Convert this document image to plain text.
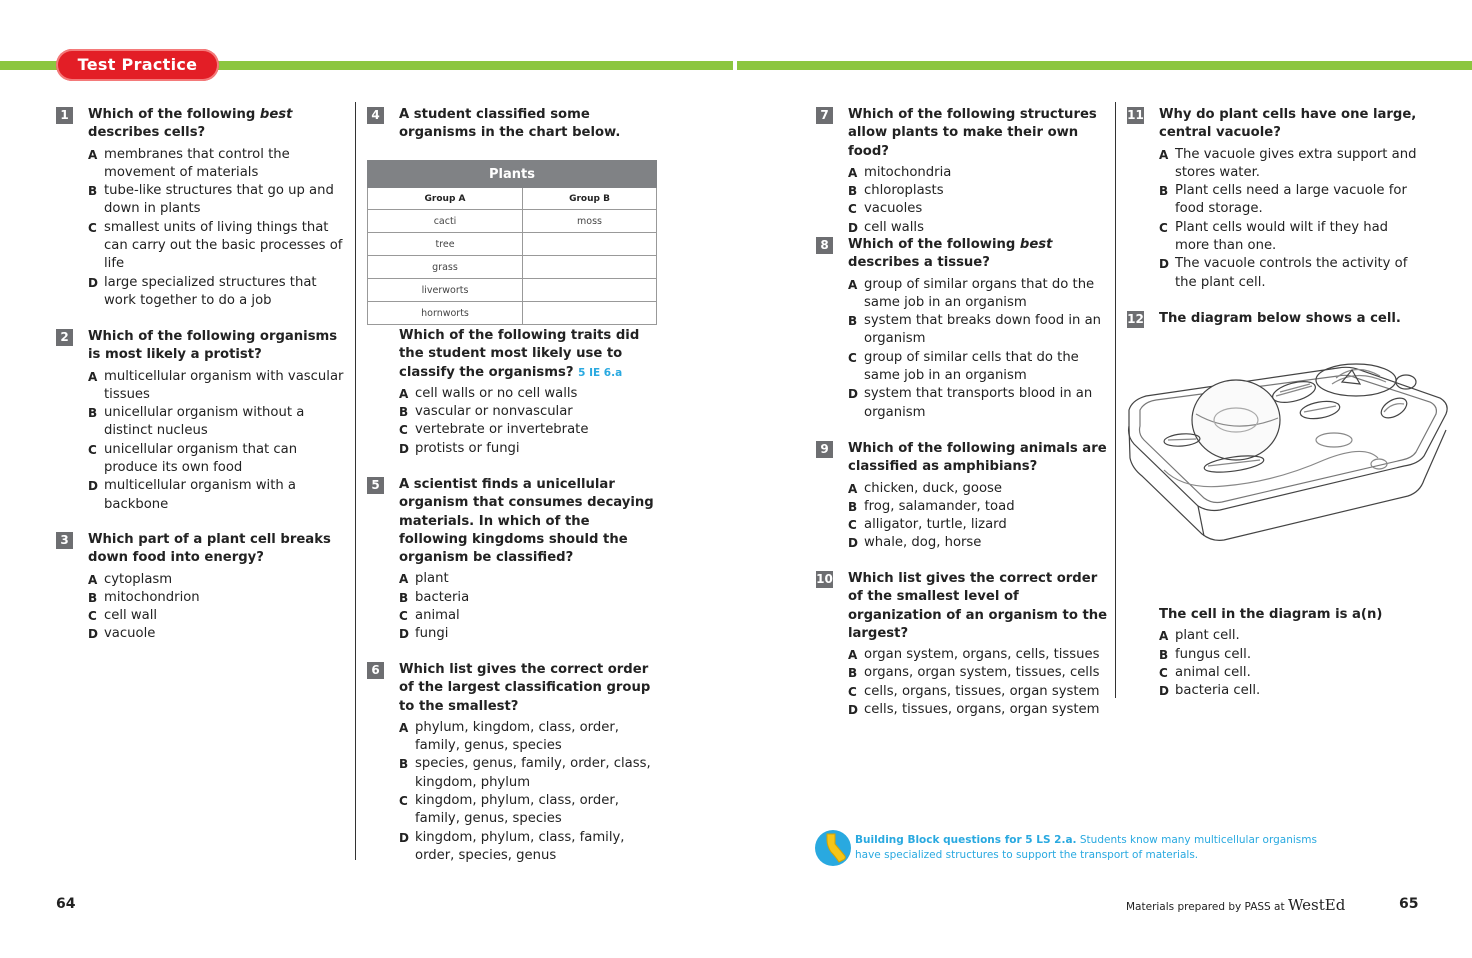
Test Practice
1	Which of the following best describes cells?
A membranes that control the movement of materials
B tube-like structures that go up and down in plants
C smallest units of living things that can carry out the basic processes of life
D large specialized structures that work together to do a job
2	Which of the following organisms is most likely a protist?
A multicellular organism with vascular tissues
B unicellular organism without a distinct nucleus
C unicellular organism that can produce its own food
D multicellular organism with a backbone
3	Which part of a plant cell breaks down food into energy?
A cytoplasm
B mitochondrion
C cell wall
D vacuole
4	A student classified some organisms in the chart below.
Plants	
Group A	Group B
cacti	moss
tree	
grass	
liverworts	
hornworts	
Which of the following traits did the student most likely use to classify the organisms? 5 IE 6.a
A cell walls or no cell walls
B vascular or nonvascular
C vertebrate or invertebrate
D protists or fungi
5	A scientist finds a unicellular organism that consumes decaying materials. In which of the following kingdoms should the organism be classified?
A plant
B bacteria
C animal
D fungi
6	Which list gives the correct order of the largest classification group to the smallest?
A phylum, kingdom, class, order, family, genus, species
B species, genus, family, order, class, kingdom, phylum
C kingdom, phylum, class, order, family, genus, species
D kingdom, phylum, class, family, order, species, genus
7	Which of the following structures allow plants to make their own food?
A mitochondria
B chloroplasts
C vacuoles
D cell walls
8	Which of the following best describes a tissue?
A group of similar organs that do the same job in an organism
B system that breaks down food in an organism
C group of similar cells that do the same job in an organism
D system that transports blood in an organism
9	Which of the following animals are classified as amphibians?
A chicken, duck, goose
B frog, salamander, toad
C alligator, turtle, lizard
D whale, dog, horse
10 Which list gives the correct order of the smallest level of organization of an organism to the largest?
A organ system, organs, cells, tissues
B organs, organ system, tissues, cells
C cells, organs, tissues, organ system
D cells, tissues, organs, organ system
11 Why do plant cells have one large, central vacuole?
A The vacuole gives extra support and stores water.
B Plant cells need a large vacuole for food storage.
C Plant cells would wilt if they had more than one.
D The vacuole controls the activity of the plant cell.
12 The diagram below shows a cell.
The cell in the diagram is a(n)
A plant cell.
B fungus cell.
C animal cell.
D bacteria cell.
Building Block questions for 5 LS 2.a. Students know many multicellular organisms have specialized structures to support the transport of materials.
64	Materials prepared by PASS at WestEd	65
